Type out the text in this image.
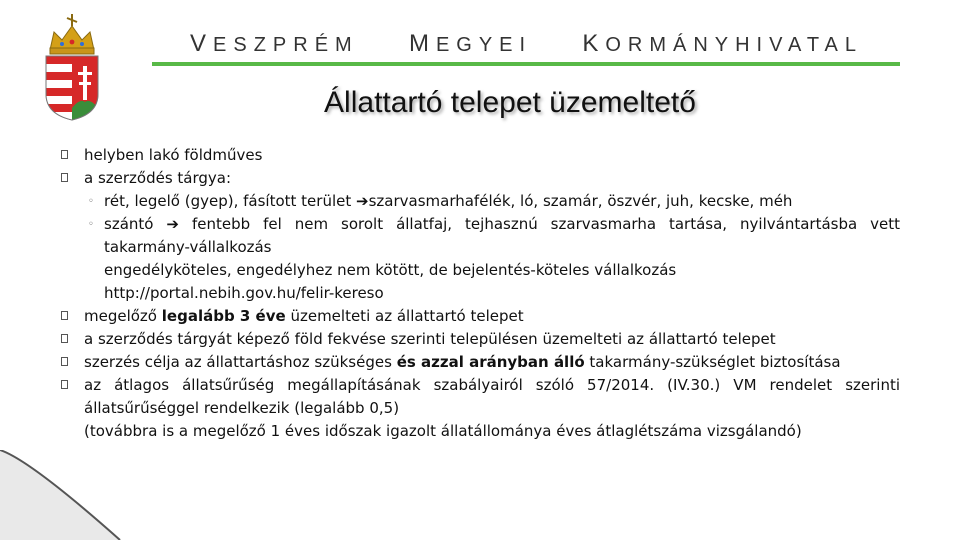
VESZPRÉM MEGYEI KORMÁNYHIVATAL
Állattartó telepet üzemeltető
helyben lakó földműves
a szerződés tárgya:
◦ rét, legelő (gyep), fásított terület ➔szarvasmarhafélék, ló, szamár, öszvér, juh, kecske, méh
◦ szántó ➔ fentebb fel nem sorolt állatfaj, tejhasznú szarvasmarha tartása, nyilvántartásba vett
takarmány-vállalkozás
engedélyköteles, engedélyhez nem kötött, de bejelentés-köteles vállalkozás
http://portal.nebih.gov.hu/felir-kereso
megelőző legalább 3 éve üzemelteti az állattartó telepet
a szerződés tárgyát képező föld fekvése szerinti településen üzemelteti az állattartó telepet
szerzés célja az állattartáshoz szükséges és azzal arányban álló takarmány-szükséglet biztosítása
az átlagos állatsűrűség megállapításának szabályairól szóló 57/2014. (IV.30.) VM rendelet szerinti
állatsűrűséggel rendelkezik (legalább 0,5)
(továbbra is a megelőző 1 éves időszak igazolt állatállománya éves átlaglétszáma vizsgálandó)
